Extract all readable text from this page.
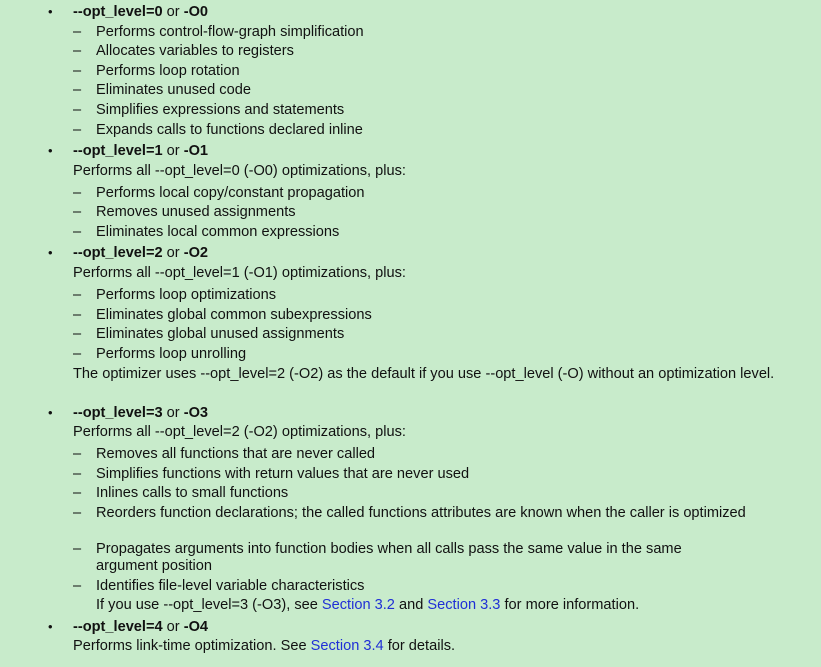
• --opt_level=0 or -O0
– Performs control-flow-graph simplification
– Allocates variables to registers
– Performs loop rotation
– Eliminates unused code
– Simplifies expressions and statements
– Expands calls to functions declared inline
• --opt_level=1 or -O1
Performs all --opt_level=0 (-O0) optimizations, plus:
– Performs local copy/constant propagation
– Removes unused assignments
– Eliminates local common expressions
• --opt_level=2 or -O2
Performs all --opt_level=1 (-O1) optimizations, plus:
– Performs loop optimizations
– Eliminates global common subexpressions
– Eliminates global unused assignments
– Performs loop unrolling
The optimizer uses --opt_level=2 (-O2) as the default if you use --opt_level (-O) without an optimization level.
• --opt_level=3 or -O3
Performs all --opt_level=2 (-O2) optimizations, plus:
– Removes all functions that are never called
– Simplifies functions with return values that are never used
– Inlines calls to small functions
– Reorders function declarations; the called functions attributes are known when the caller is optimized
– Propagates arguments into function bodies when all calls pass the same value in the same argument position
– Identifies file-level variable characteristics
If you use --opt_level=3 (-O3), see Section 3.2 and Section 3.3 for more information.
• --opt_level=4 or -O4
Performs link-time optimization. See Section 3.4 for details.
